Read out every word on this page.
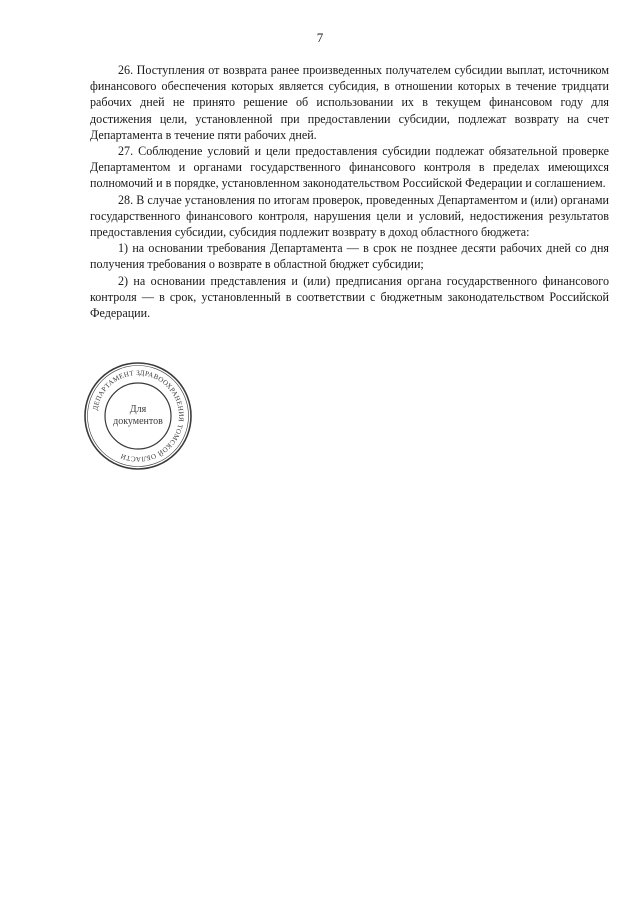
7

26. Поступления от возврата ранее произведенных получателем субсидии выплат, источником финансового обеспечения которых является субсидия, в отношении которых в течение тридцати рабочих дней не принято решение об использовании их в текущем финансовом году для достижения цели, установленной при предоставлении субсидии, подлежат возврату на счет Департамента в течение пяти рабочих дней.

27. Соблюдение условий и цели предоставления субсидии подлежат обязательной проверке Департаментом и органами государственного финансового контроля в пределах имеющихся полномочий и в порядке, установленном законодательством Российской Федерации и соглашением.

28. В случае установления по итогам проверок, проведенных Департаментом и (или) органами государственного финансового контроля, нарушения цели и условий, недостижения результатов предоставления субсидии, субсидия подлежит возврату в доход областного бюджета:

1) на основании требования Департамента — в срок не позднее десяти рабочих дней со дня получения требования о возврате в областной бюджет субсидии;

2) на основании представления и (или) предписания органа государственного финансового контроля — в срок, установленный в соответствии с бюджетным законодательством Российской Федерации.

ДЕПАРТАМЕНТ ЗДРАВООХРАНЕНИЯ ТОМСКОЙ ОБЛАСТИ
Для
документов
